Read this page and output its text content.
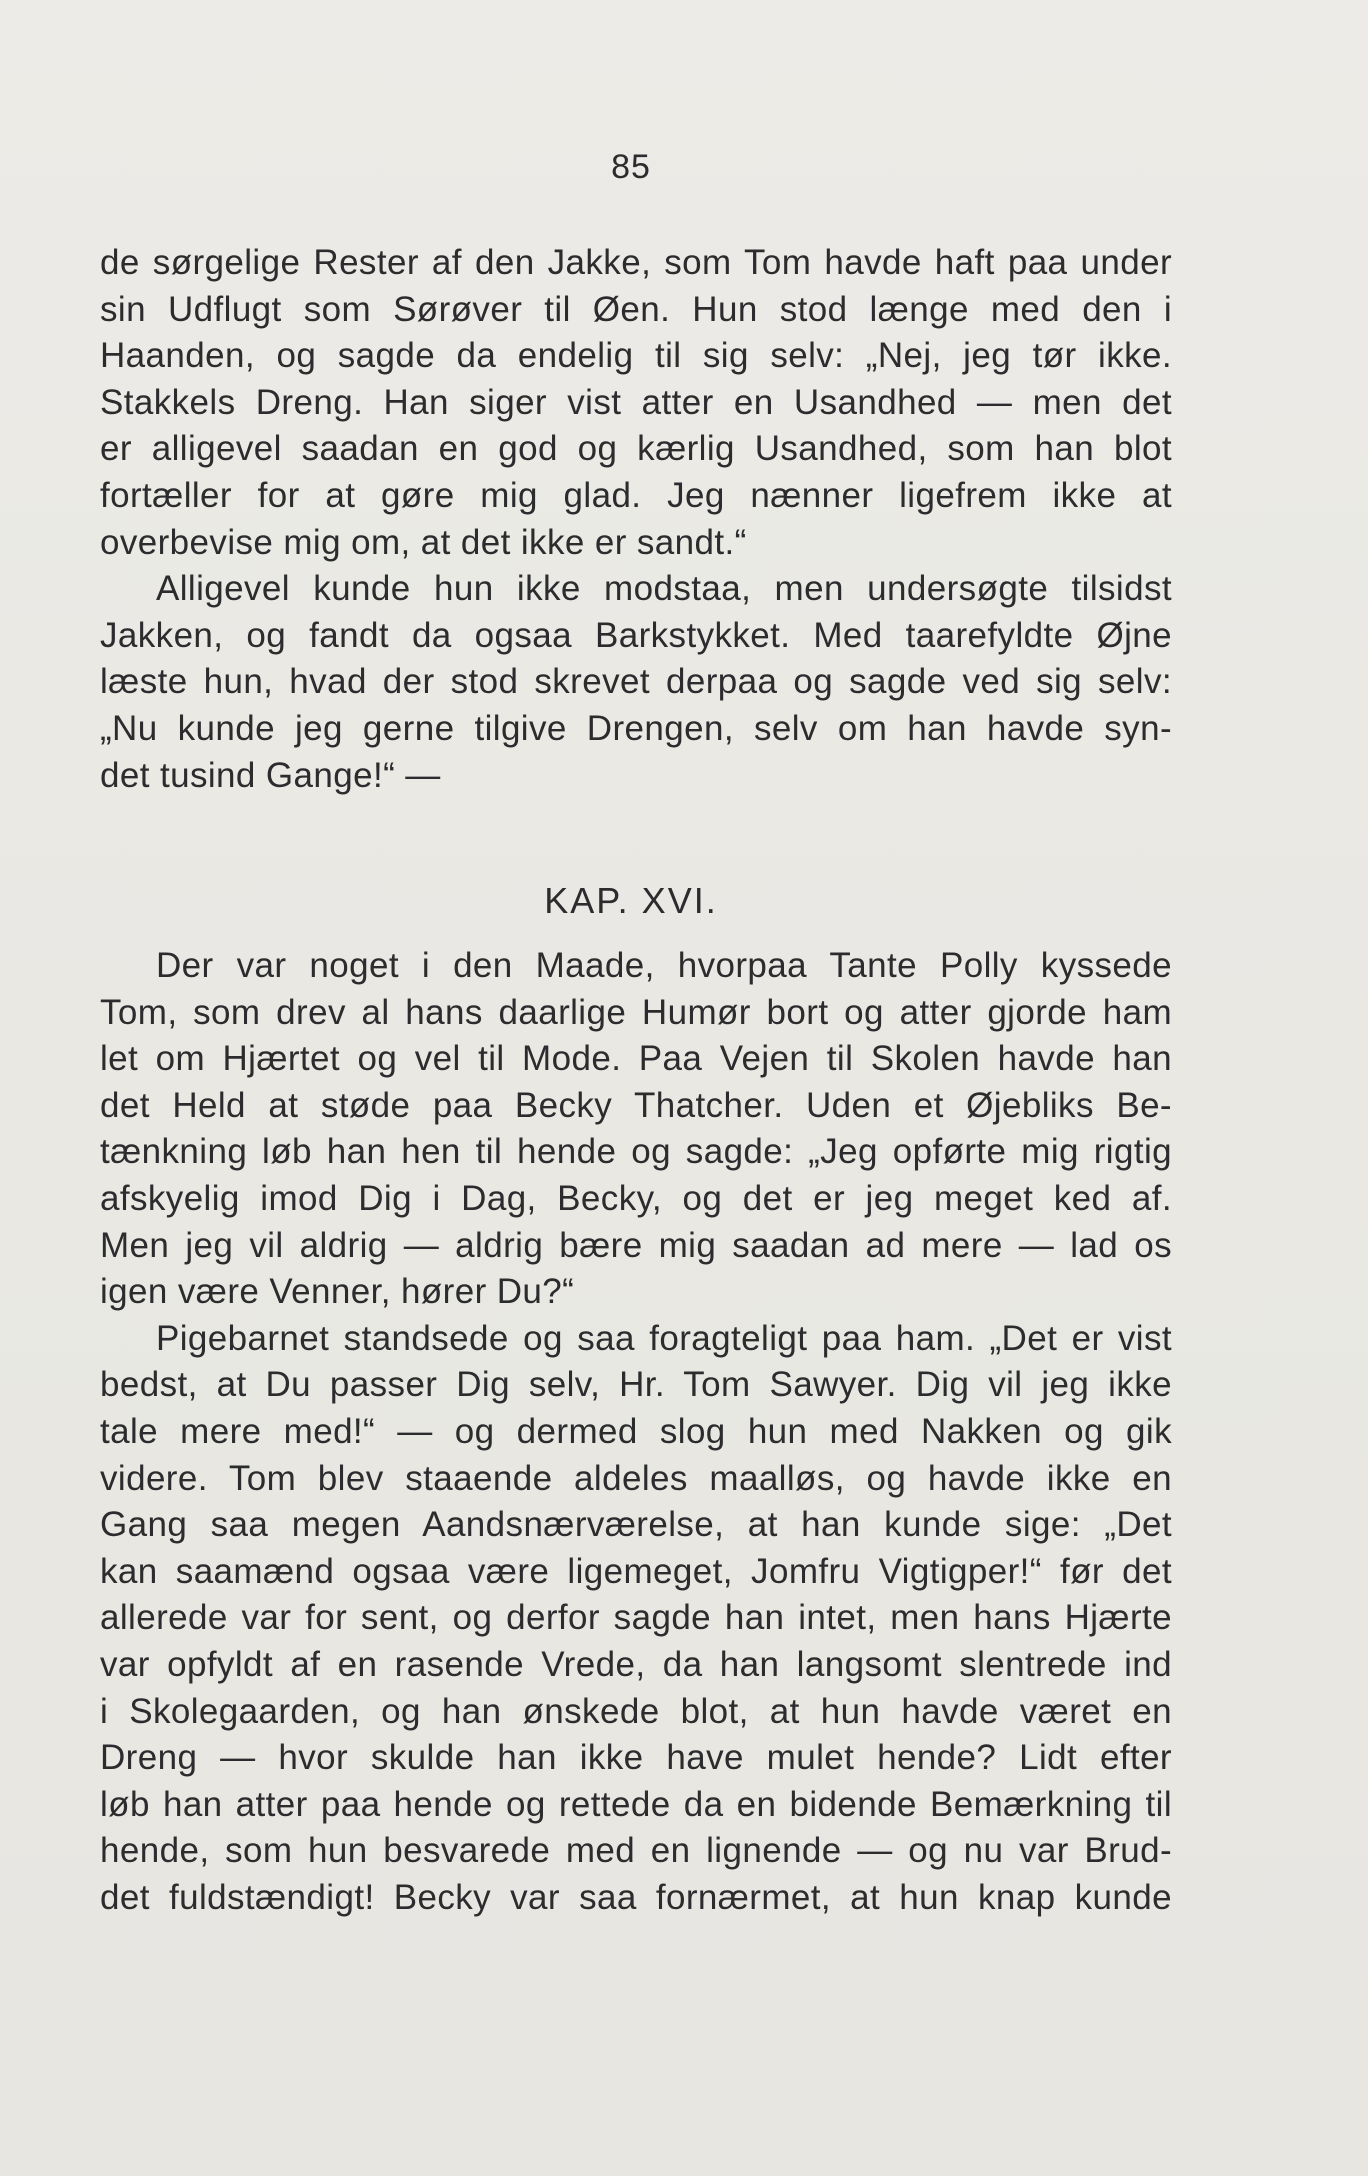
85
de sørgelige Rester af den Jakke, som Tom havde haft paa under
sin Udflugt som Sørøver til Øen. Hun stod længe med den i
Haanden, og sagde da endelig til sig selv: „Nej, jeg tør ikke.
Stakkels Dreng. Han siger vist atter en Usandhed — men det
er alligevel saadan en god og kærlig Usandhed, som han blot
fortæller for at gøre mig glad. Jeg nænner ligefrem ikke at
overbevise mig om, at det ikke er sandt.“
Alligevel kunde hun ikke modstaa, men undersøgte tilsidst
Jakken, og fandt da ogsaa Barkstykket. Med taarefyldte Øjne
læste hun, hvad der stod skrevet derpaa og sagde ved sig selv:
„Nu kunde jeg gerne tilgive Drengen, selv om han havde syn-
det tusind Gange!“ —
KAP. XVI.
Der var noget i den Maade, hvorpaa Tante Polly kyssede
Tom, som drev al hans daarlige Humør bort og atter gjorde ham
let om Hjærtet og vel til Mode. Paa Vejen til Skolen havde han
det Held at støde paa Becky Thatcher. Uden et Øjebliks Be-
tænkning løb han hen til hende og sagde: „Jeg opførte mig rigtig
afskyelig imod Dig i Dag, Becky, og det er jeg meget ked af.
Men jeg vil aldrig — aldrig bære mig saadan ad mere — lad os
igen være Venner, hører Du?“
Pigebarnet standsede og saa foragteligt paa ham. „Det er vist
bedst, at Du passer Dig selv, Hr. Tom Sawyer. Dig vil jeg ikke
tale mere med!“ — og dermed slog hun med Nakken og gik
videre. Tom blev staaende aldeles maalløs, og havde ikke en
Gang saa megen Aandsnærværelse, at han kunde sige: „Det
kan saamænd ogsaa være ligemeget, Jomfru Vigtigper!“ før det
allerede var for sent, og derfor sagde han intet, men hans Hjærte
var opfyldt af en rasende Vrede, da han langsomt slentrede ind
i Skolegaarden, og han ønskede blot, at hun havde været en
Dreng — hvor skulde han ikke have mulet hende? Lidt efter
løb han atter paa hende og rettede da en bidende Bemærkning til
hende, som hun besvarede med en lignende — og nu var Brud-
det fuldstændigt! Becky var saa fornærmet, at hun knap kunde
